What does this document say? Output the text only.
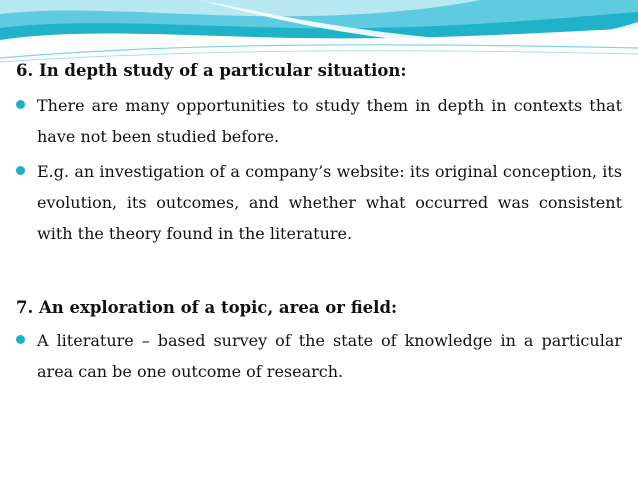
6. In depth study of a particular situation:
There are many opportunities to study them in depth in contexts that have not been studied before.
E.g. an investigation of a company’s website: its original conception, its evolution, its outcomes, and whether what occurred was consistent with the theory found in the literature.
7. An exploration of a topic, area or field:
A literature – based survey of the state of knowledge in a particular area can be one outcome of research.
